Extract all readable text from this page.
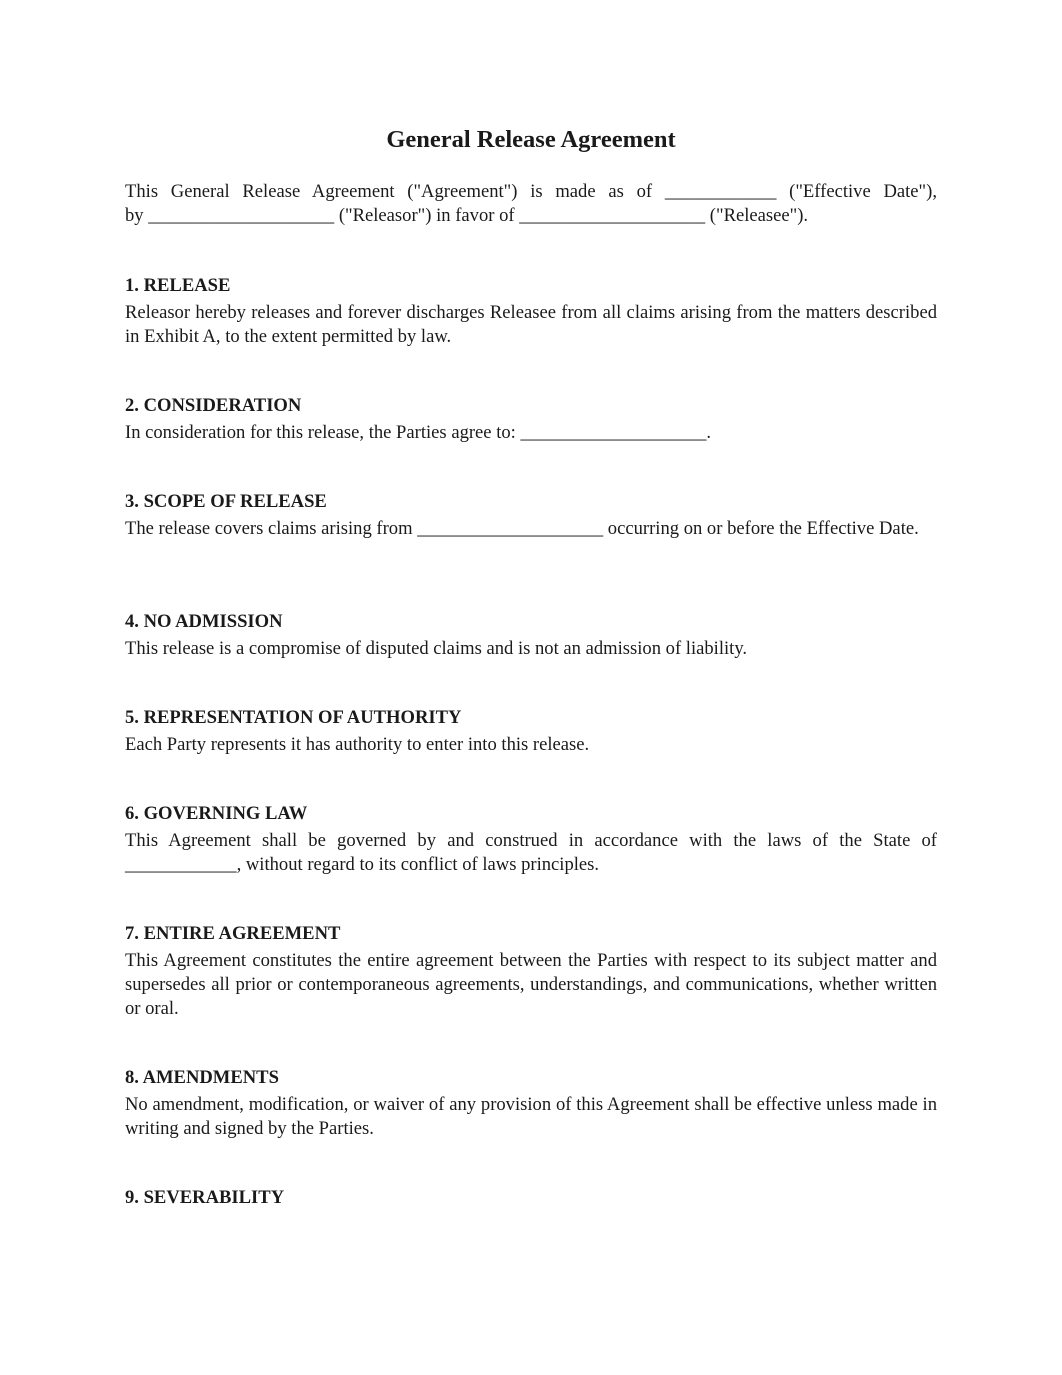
General Release Agreement

This General Release Agreement ("Agreement") is made as of ____________ ("Effective Date"),
by ____________________ ("Releasor") in favor of ____________________ ("Releasee").

1. RELEASE

Releasor hereby releases and forever discharges Releasee from all claims arising from the matters described in Exhibit A, to the extent permitted by law.

2. CONSIDERATION

In consideration for this release, the Parties agree to: ____________________.

3. SCOPE OF RELEASE

The release covers claims arising from ____________________ occurring on or before the Effective Date.

4. NO ADMISSION

This release is a compromise of disputed claims and is not an admission of liability.

5. REPRESENTATION OF AUTHORITY

Each Party represents it has authority to enter into this release.

6. GOVERNING LAW

This Agreement shall be governed by and construed in accordance with the laws of the State of ____________, without regard to its conflict of laws principles.

7. ENTIRE AGREEMENT

This Agreement constitutes the entire agreement between the Parties with respect to its subject matter and supersedes all prior or contemporaneous agreements, understandings, and communications, whether written or oral.

8. AMENDMENTS

No amendment, modification, or waiver of any provision of this Agreement shall be effective unless made in writing and signed by the Parties.

9. SEVERABILITY
